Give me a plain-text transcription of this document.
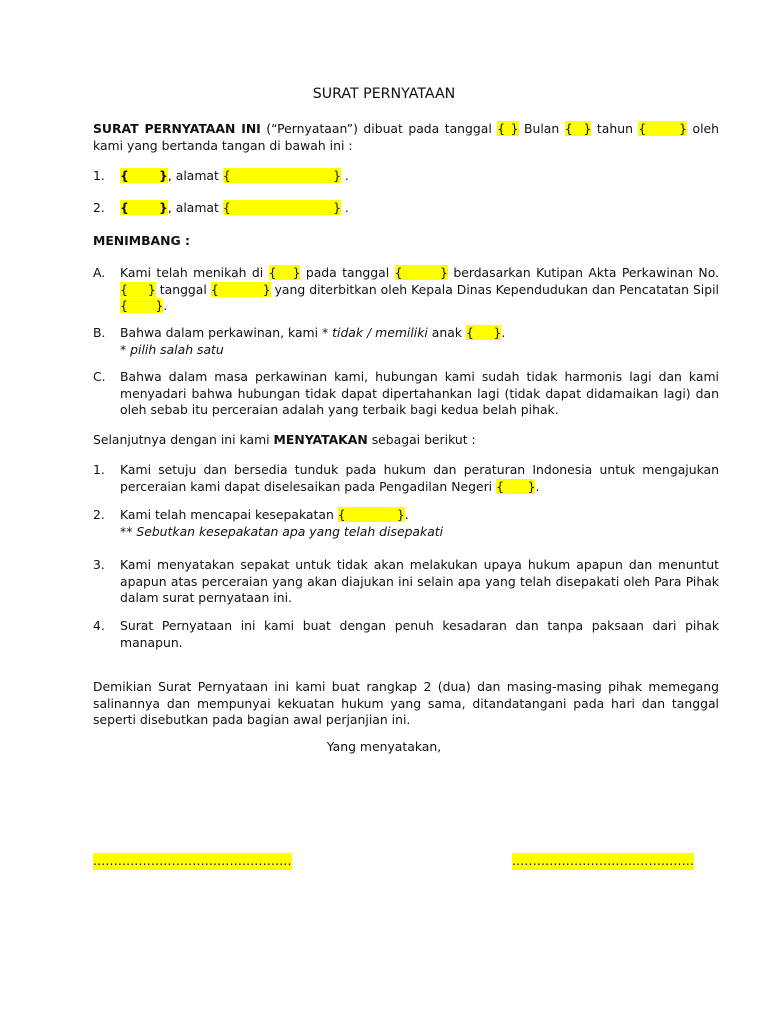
SURAT PERNYATAAN
SURAT PERNYATAAN INI (“Pernyataan”) dibuat pada tanggal { } Bulan {  } tahun {      } oleh kami yang bertanda tangan di bawah ini :
1. {       }, alamat {                          } .
2. {       }, alamat {                          } .
MENIMBANG :
A. Kami telah menikah di {   } pada tanggal {       } berdasarkan Kutipan Akta Perkawinan No. {     } tanggal {           } yang diterbitkan oleh Kepala Dinas Kependudukan dan Pencatatan Sipil {       }.
B. Bahwa dalam perkawinan, kami * tidak / memiliki anak {     }.
* pilih salah satu
C. Bahwa dalam masa perkawinan kami, hubungan kami sudah tidak harmonis lagi dan kami menyadari bahwa hubungan tidak dapat dipertahankan lagi (tidak dapat didamaikan lagi) dan oleh sebab itu perceraian adalah yang terbaik bagi kedua belah pihak.
Selanjutnya dengan ini kami MENYATAKAN sebagai berikut :
1. Kami setuju dan bersedia tunduk pada hukum dan peraturan Indonesia untuk mengajukan perceraian kami dapat diselesaikan pada Pengadilan Negeri {      }.
2. Kami telah mencapai kesepakatan {             }.
** Sebutkan kesepakatan apa yang telah disepakati
3. Kami menyatakan sepakat untuk tidak akan melakukan upaya hukum apapun dan menuntut apapun atas perceraian yang akan diajukan ini selain apa yang telah disepakati oleh Para Pihak dalam surat pernyataan ini.
4. Surat Pernyataan ini kami buat dengan penuh kesadaran dan tanpa paksaan dari pihak manapun.
Demikian Surat Pernyataan ini kami buat rangkap 2 (dua) dan masing-masing pihak memegang salinannya dan mempunyai kekuatan hukum yang sama, ditandatangani pada hari dan tanggal seperti disebutkan pada bagian awal perjanjian ini.
Yang menyatakan,
................................................	............................................
